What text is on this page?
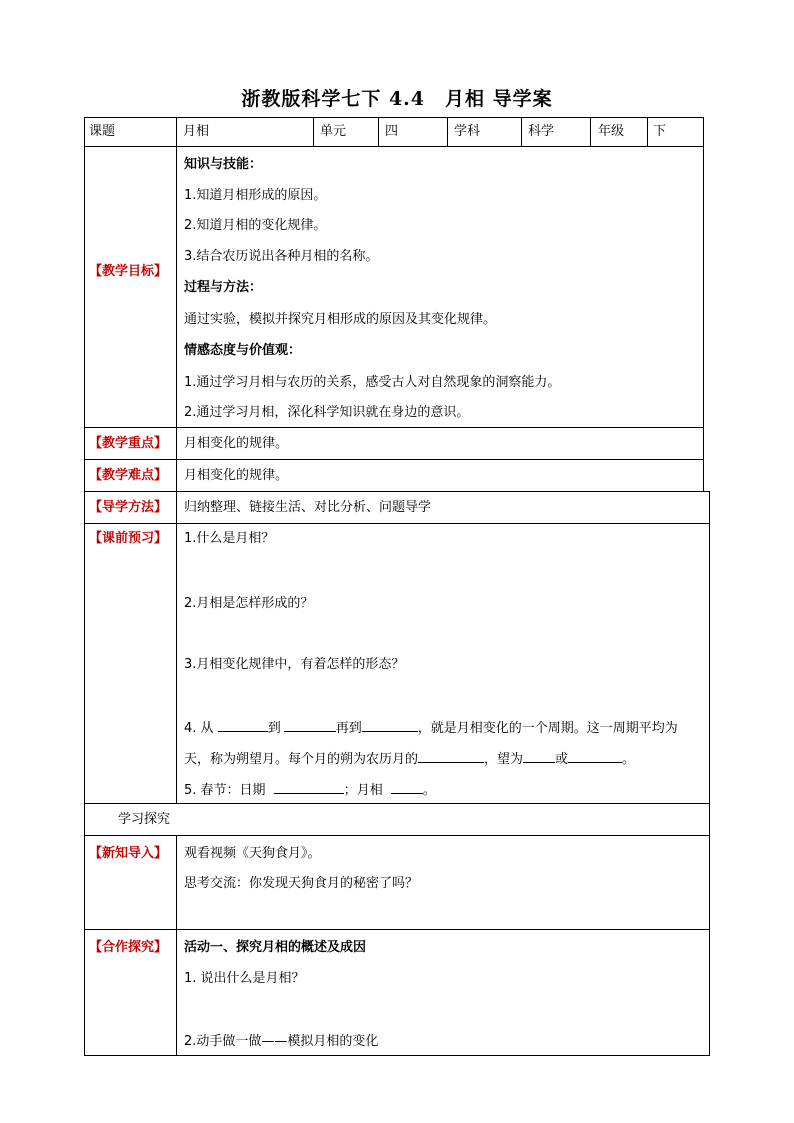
浙教版科学七下 4.4　月相 导学案
课题	月相	单元	四	学科	科学	年级 下
【教学目标】
知识与技能：
1.知道月相形成的原因。
2.知道月相的变化规律。
3.结合农历说出各种月相的名称。
过程与方法：
通过实验，模拟并探究月相形成的原因及其变化规律。
情感态度与价值观：
1.通过学习月相与农历的关系，感受古人对自然现象的洞察能力。
2.通过学习月相，深化科学知识就在身边的意识。
【教学重点】 月相变化的规律。
【教学难点】 月相变化的规律。
【导学方法】 归纳整理、链接生活、对比分析、问题导学
【课前预习】 1.什么是月相？
2.月相是怎样形成的？
3.月相变化规律中，有着怎样的形态？
4. 从	到	再到	，就是月相变化的一个周期。这一周期平均为
天，称为朔望月。每个月的朔为农历月的	，望为 或	。
5. 春节：日期	；月相	。
学习探究
【新知导入】 观看视频《天狗食月》。
思考交流：你发现天狗食月的秘密了吗？
【合作探究】 活动一、探究月相的概述及成因
1. 说出什么是月相？
2.动手做一做——模拟月相的变化
